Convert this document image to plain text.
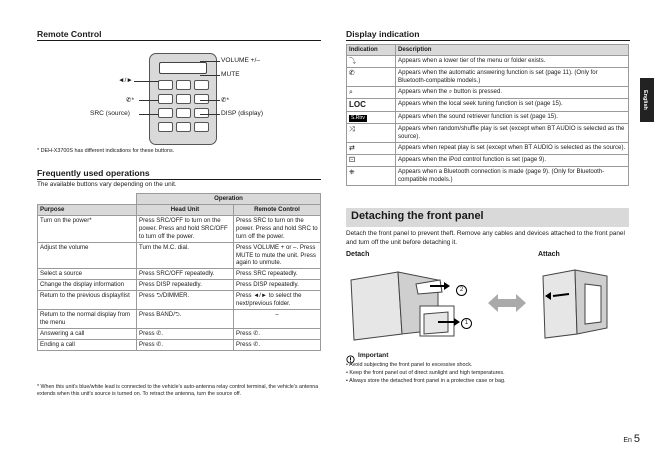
Remote Control
VOLUME +/–
MUTE
◄/►
✆*	✆*
SRC (source)	DISP (display)
* DEH-X3700S has different indications for these buttons.
Frequently used operations
The available buttons vary depending on the unit.
	Operation	
Purpose	Head Unit	Remote Control
Turn on the power*	Press SRC/OFF to turn on the power. Press and hold SRC/OFF to turn off the power.	Press SRC to turn on the power. Press and hold SRC to turn off the power.
Adjust the volume	Turn the M.C. dial.	Press VOLUME + or –. Press MUTE to mute the unit. Press again to unmute.
Select a source	Press SRC/OFF repeatedly.	Press SRC repeatedly.
Change the display information	Press DISP repeatedly.	Press DISP repeatedly.
Return to the previous display/list	Press ⮌/DIMMER.	Press ◄/► to select the next/previous folder.
Return to the normal display from the menu	Press BAND/⮌.	–
Answering a call	Press ✆.	Press ✆.
Ending a call	Press ✆.	Press ✆.
* When this unit’s blue/white lead is connected to the vehicle’s auto-antenna relay control terminal, the vehicle’s antenna extends when this unit’s source is turned on. To retract the antenna, turn the source off.
Display indication
Indication	Description
⤵	Appears when a lower tier of the menu or folder exists.
✆	Appears when the automatic answering function is set (page 11). (Only for Bluetooth-compatible models.)
⌕	Appears when the ⌕ button is pressed.
LOC	Appears when the local seek tuning function is set (page 15).
S.Rtrv	Appears when the sound retriever function is set (page 15).
⤨	Appears when random/shuffle play is set (except when BT AUDIO is selected as the source).
⇄	Appears when repeat play is set (except when BT AUDIO is selected as the source).
⚀	Appears when the iPod control function is set (page 9).
⎈	Appears when a Bluetooth connection is made (page 9). (Only for Bluetooth-compatible models.)
Detaching the front panel
Detach the front panel to prevent theft. Remove any cables and devices attached to the front panel and turn off the unit before detaching it.
Detach	Attach
2
1
Important
• Avoid subjecting the front panel to excessive shock.
• Keep the front panel out of direct sunlight and high temperatures.
• Always store the detached front panel in a protective case or bag.
English
En 5
